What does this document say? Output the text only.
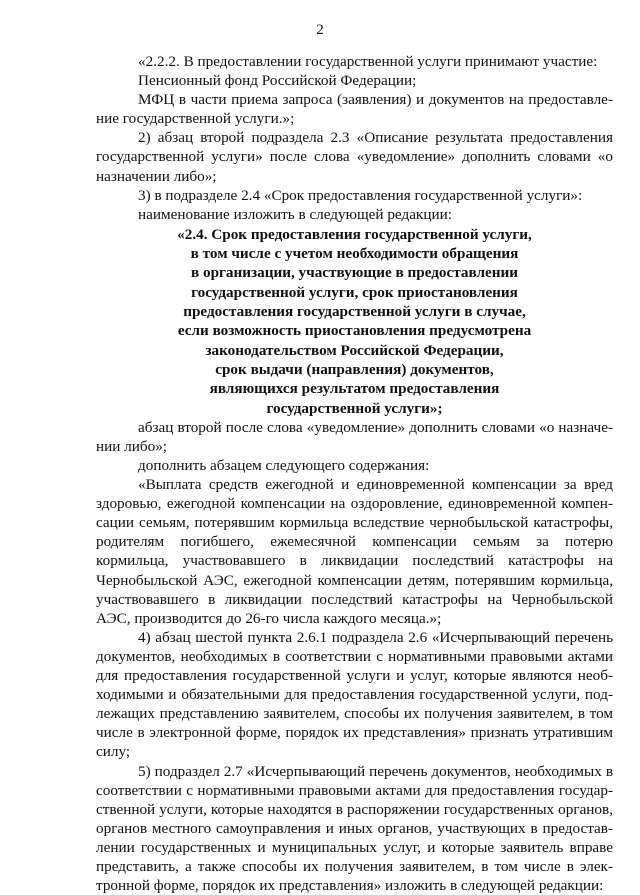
2

«2.2.2. В предоставлении государственной услуги принимают участие:

Пенсионный фонд Российской Федерации;

МФЦ в части приема запроса (заявления) и документов на предоставление государственной услуги.»;

2) абзац второй подраздела 2.3 «Описание результата предоставления государственной услуги» после слова «уведомление» дополнить словами «о назначении либо»;

3) в подразделе 2.4 «Срок предоставления государственной услуги»:

наименование изложить в следующей редакции:

«2.4. Срок предоставления государственной услуги,
в том числе с учетом необходимости обращения
в организации, участвующие в предоставлении
государственной услуги, срок приостановления
предоставления государственной услуги в случае,
если возможность приостановления предусмотрена
законодательством Российской Федерации,
срок выдачи (направления) документов,
являющихся результатом предоставления
государственной услуги»;

абзац второй после слова «уведомление» дополнить словами «о назначении либо»;

дополнить абзацем следующего содержания:

«Выплата средств ежегодной и единовременной компенсации за вред здоровью, ежегодной компенсации на оздоровление, единовременной компенсации семьям, потерявшим кормильца вследствие чернобыльской катастрофы, родителям погибшего, ежемесячной компенсации семьям за потерю кормильца, участвовавшего в ликвидации последствий катастрофы на Чернобыльской АЭС, ежегодной компенсации детям, потерявшим кормильца, участвовавшего в ликвидации последствий катастрофы на Чернобыльской АЭС, производится до 26-го числа каждого месяца.»;

4) абзац шестой пункта 2.6.1 подраздела 2.6 «Исчерпывающий перечень документов, необходимых в соответствии с нормативными правовыми актами для предоставления государственной услуги и услуг, которые являются необходимыми и обязательными для предоставления государственной услуги, подлежащих представлению заявителем, способы их получения заявителем, в том числе в электронной форме, порядок их представления» признать утратившим силу;

5) подраздел 2.7 «Исчерпывающий перечень документов, необходимых в соответствии с нормативными правовыми актами для предоставления государственной услуги, которые находятся в распоряжении государственных органов, органов местного самоуправления и иных органов, участвующих в предоставлении государственных и муниципальных услуг, и которые заявитель вправе представить, а также способы их получения заявителем, в том числе в электронной форме, порядок их представления» изложить в следующей редакции:
